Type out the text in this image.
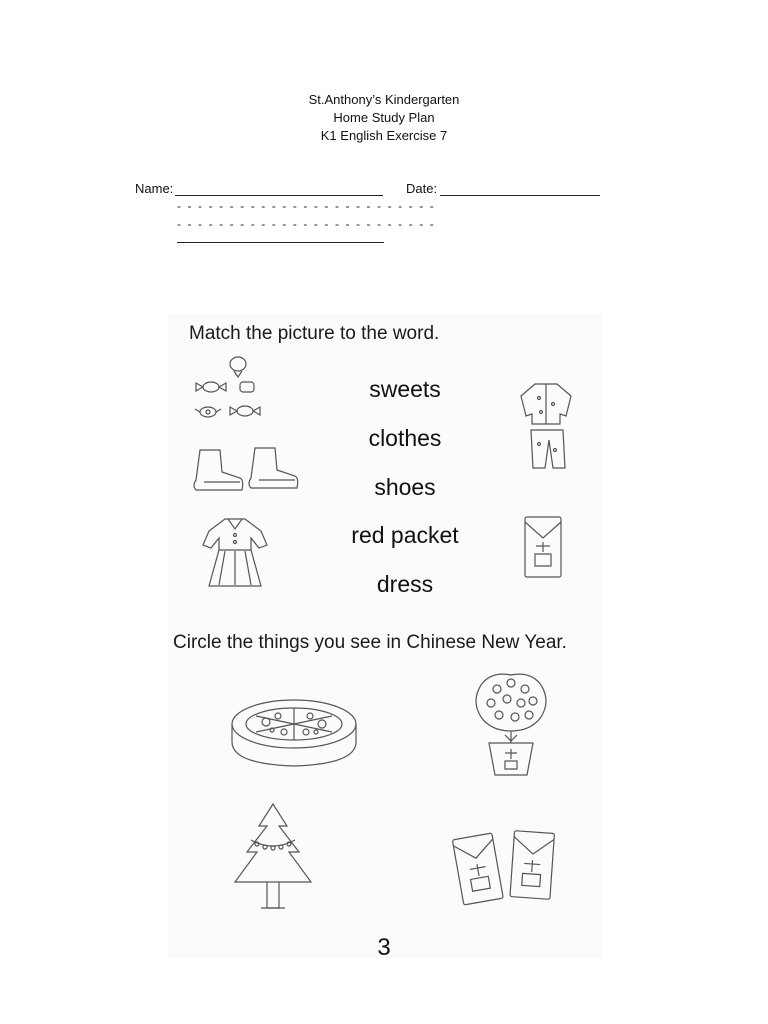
St.Anthony’s Kindergarten
Home Study Plan
K1 English Exercise 7
Name:	Date:
- - - - - - - - - - - - - - - - - - - - - - - - -
- - - - - - - - - - - - - - - - - - - - - - - - -
Match the picture to the word.
sweets
clothes
shoes
red packet
dress
Circle the things you see in Chinese New Year.
3
